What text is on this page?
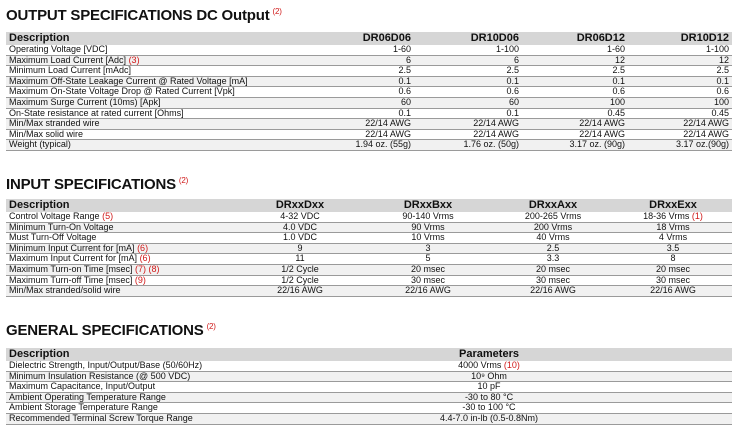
OUTPUT SPECIFICATIONS DC Output $^{(2)}$
Description	DR06D06	DR10D06	DR06D12	DR10D12
Operating Voltage [VDC]	1-60	1-100	1-60	1-100
Maximum Load Current [Adc] (3)	6	6	12	12
Minimum Load Current [mAdc]	2.5	2.5	2.5	2.5
Maximum Off-State Leakage Current @ Rated Voltage [mA]	0.1	0.1	0.1	0.1
Maximum On-State Voltage Drop @ Rated Current [Vpk]	0.6	0.6	0.6	0.6
Maximum Surge Current (10ms) [Apk]	60	60	100	100
On-State resistance at rated current [Ohms]	0.1	0.1	0.45	0.45
Min/Max stranded wire	22/14 AWG	22/14 AWG	22/14 AWG	22/14 AWG
Min/Max solid wire	22/14 AWG	22/14 AWG	22/14 AWG	22/14 AWG
Weight (typical)	1.94 oz. (55g)	1.76 oz. (50g)	3.17 oz. (90g)	3.17 oz.(90g)
INPUT SPECIFICATIONS $^{(2)}$
Description	DRxxDxx	DRxxBxx	DRxxAxx	DRxxExx
Control Voltage Range (5)	4-32 VDC	90-140 Vrms	200-265 Vrms	18-36 Vrms (1)
Minimum Turn-On Voltage	4.0 VDC	90 Vrms	200 Vrms	18 Vrms
Must Turn-Off Voltage	1.0 VDC	10 Vrms	40 Vrms	4 Vrms
Minimum Input Current for [mA] (6)	9	3	2.5	3.5
Maximum Input Current for [mA] (6)	11	5	3.3	8
Maximum Turn-on Time [msec] (7) (8)	1/2 Cycle	20 msec	20 msec	20 msec
Maximum Turn-off Time [msec] (9)	1/2 Cycle	30 msec	30 msec	30 msec
Min/Max stranded/solid wire	22/16 AWG	22/16 AWG	22/16 AWG	22/16 AWG
GENERAL SPECIFICATIONS $^{(2)}$
Description	Parameters
Dielectric Strength, Input/Output/Base (50/60Hz)	4000 Vrms (10)
Minimum Insulation Resistance (@ 500 VDC)	10⁹ Ohm
Maximum Capacitance, Input/Output	10 pF
Ambient Operating Temperature Range	-30 to 80 °C
Ambient Storage Temperature Range	-30 to 100 °C
Recommended Terminal Screw Torque Range	4.4-7.0 in-lb (0.5-0.8Nm)
